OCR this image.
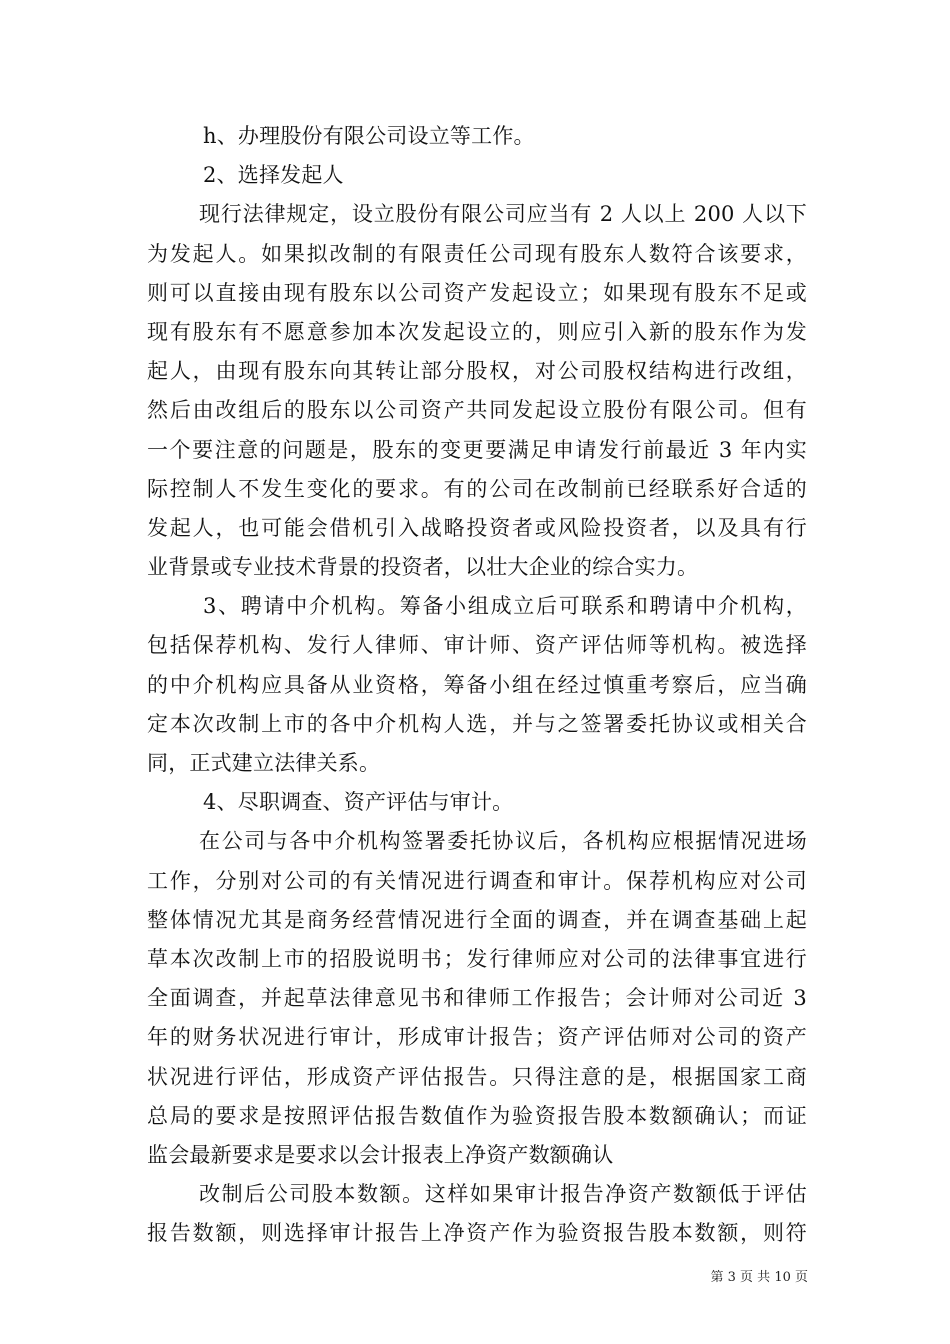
h、办理股份有限公司设立等工作。
2、选择发起人
现行法律规定，设立股份有限公司应当有 2 人以上 200 人以下
为发起人。如果拟改制的有限责任公司现有股东人数符合该要求，
则可以直接由现有股东以公司资产发起设立；如果现有股东不足或
现有股东有不愿意参加本次发起设立的，则应引入新的股东作为发
起人，由现有股东向其转让部分股权，对公司股权结构进行改组，
然后由改组后的股东以公司资产共同发起设立股份有限公司。但有
一个要注意的问题是，股东的变更要满足申请发行前最近 3 年内实
际控制人不发生变化的要求。有的公司在改制前已经联系好合适的
发起人，也可能会借机引入战略投资者或风险投资者，以及具有行
业背景或专业技术背景的投资者，以壮大企业的综合实力。
3、聘请中介机构。筹备小组成立后可联系和聘请中介机构，
包括保荐机构、发行人律师、审计师、资产评估师等机构。被选择
的中介机构应具备从业资格，筹备小组在经过慎重考察后，应当确
定本次改制上市的各中介机构人选，并与之签署委托协议或相关合
同，正式建立法律关系。
4、尽职调查、资产评估与审计。
在公司与各中介机构签署委托协议后，各机构应根据情况进场
工作，分别对公司的有关情况进行调查和审计。保荐机构应对公司
整体情况尤其是商务经营情况进行全面的调查，并在调查基础上起
草本次改制上市的招股说明书；发行律师应对公司的法律事宜进行
全面调查，并起草法律意见书和律师工作报告；会计师对公司近 3
年的财务状况进行审计，形成审计报告；资产评估师对公司的资产
状况进行评估，形成资产评估报告。只得注意的是，根据国家工商
总局的要求是按照评估报告数值作为验资报告股本数额确认；而证
监会最新要求是要求以会计报表上净资产数额确认
改制后公司股本数额。这样如果审计报告净资产数额低于评估
报告数额，则选择审计报告上净资产作为验资报告股本数额，则符
第 3 页 共 10 页
